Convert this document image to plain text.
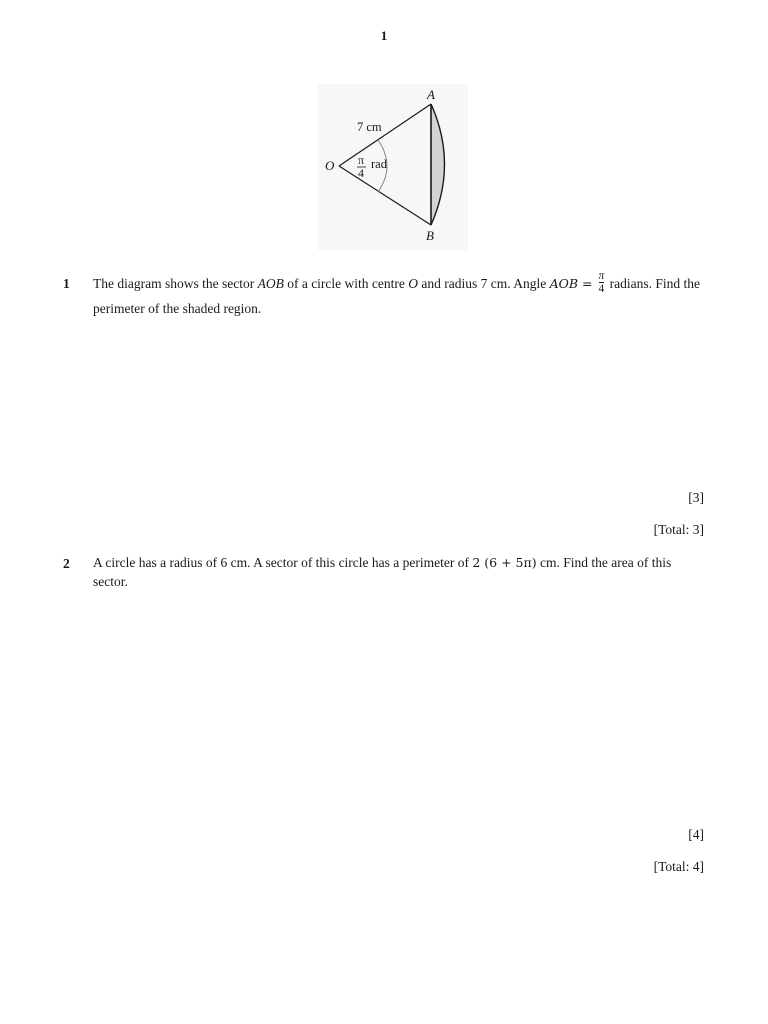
1
A
B
O
7 cm
π
4
rad
1 The diagram shows the sector AOB of a circle with centre O and radius 7 cm. Angle AOB = $\frac{\pi}{4}$ radians. Find the perimeter of the shaded region.
[3]
[Total: 3]
2 A circle has a radius of 6 cm. A sector of this circle has a perimeter of 2 (6 + 5π) cm. Find the area of this sector.
[4]
[Total: 4]
